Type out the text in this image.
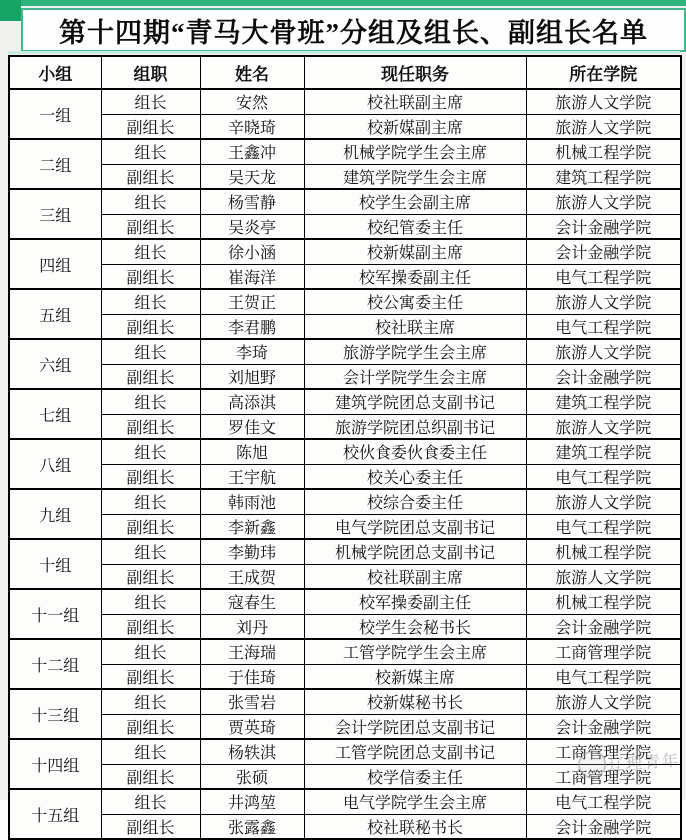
第十四期“青马大骨班”分组及组长、副组长名单
小组	组职	姓名	现任职务	所在学院
一组	组长	安然	校社联副主席	旅游人文学院
	副组长	辛晓琦	校新媒副主席	旅游人文学院
二组	组长	王鑫冲	机械学院学生会主席	机械工程学院
	副组长	吴天龙	建筑学院学生会主席	建筑工程学院
三组	组长	杨雪静	校学生会副主席	旅游人文学院
	副组长	吴炎亭	校纪管委主任	会计金融学院
四组	组长	徐小涵	校新媒副主席	会计金融学院
	副组长	崔海洋	校军操委副主任	电气工程学院
五组	组长	王贺正	校公寓委主任	旅游人文学院
	副组长	李君鹏	校社联主席	电气工程学院
六组	组长	李琦	旅游学院学生会主席	旅游人文学院
	副组长	刘旭野	会计学院学生会主席	会计金融学院
七组	组长	高添淇	建筑学院团总支副书记	建筑工程学院
	副组长	罗佳文	旅游学院团总织副书记	旅游人文学院
八组	组长	陈旭	校伙食委伙食委主任	建筑工程学院
	副组长	王宇航	校关心委主任	电气工程学院
九组	组长	韩雨池	校综合委主任	旅游人文学院
	副组长	李新鑫	电气学院团总支副书记	电气工程学院
十组	组长	李勤玮	机械学院团总支副书记	机械工程学院
	副组长	王成贺	校社联副主席	旅游人文学院
十一组	组长	寇春生	校军操委副主任	机械工程学院
	副组长	刘丹	校学生会秘书长	会计金融学院
十二组	组长	王海瑞	工管学院学生会主席	工商管理学院
	副组长	于佳琦	校新媒主席	电气工程学院
十三组	组长	张雪岩	校新媒秘书长	旅游人文学院
	副组长	贾英琦	会计学院团总支副书记	会计金融学院
十四组	组长	杨轶淇	工管学院团总支副书记	工商管理学院
	副组长	张硕	校学信委主任	工商管理学院
十五组	组长	井鸿堃	电气学院学生会主席	电气工程学院
	副组长	张露鑫	校社联秘书长	会计金融学院
辽理青年
